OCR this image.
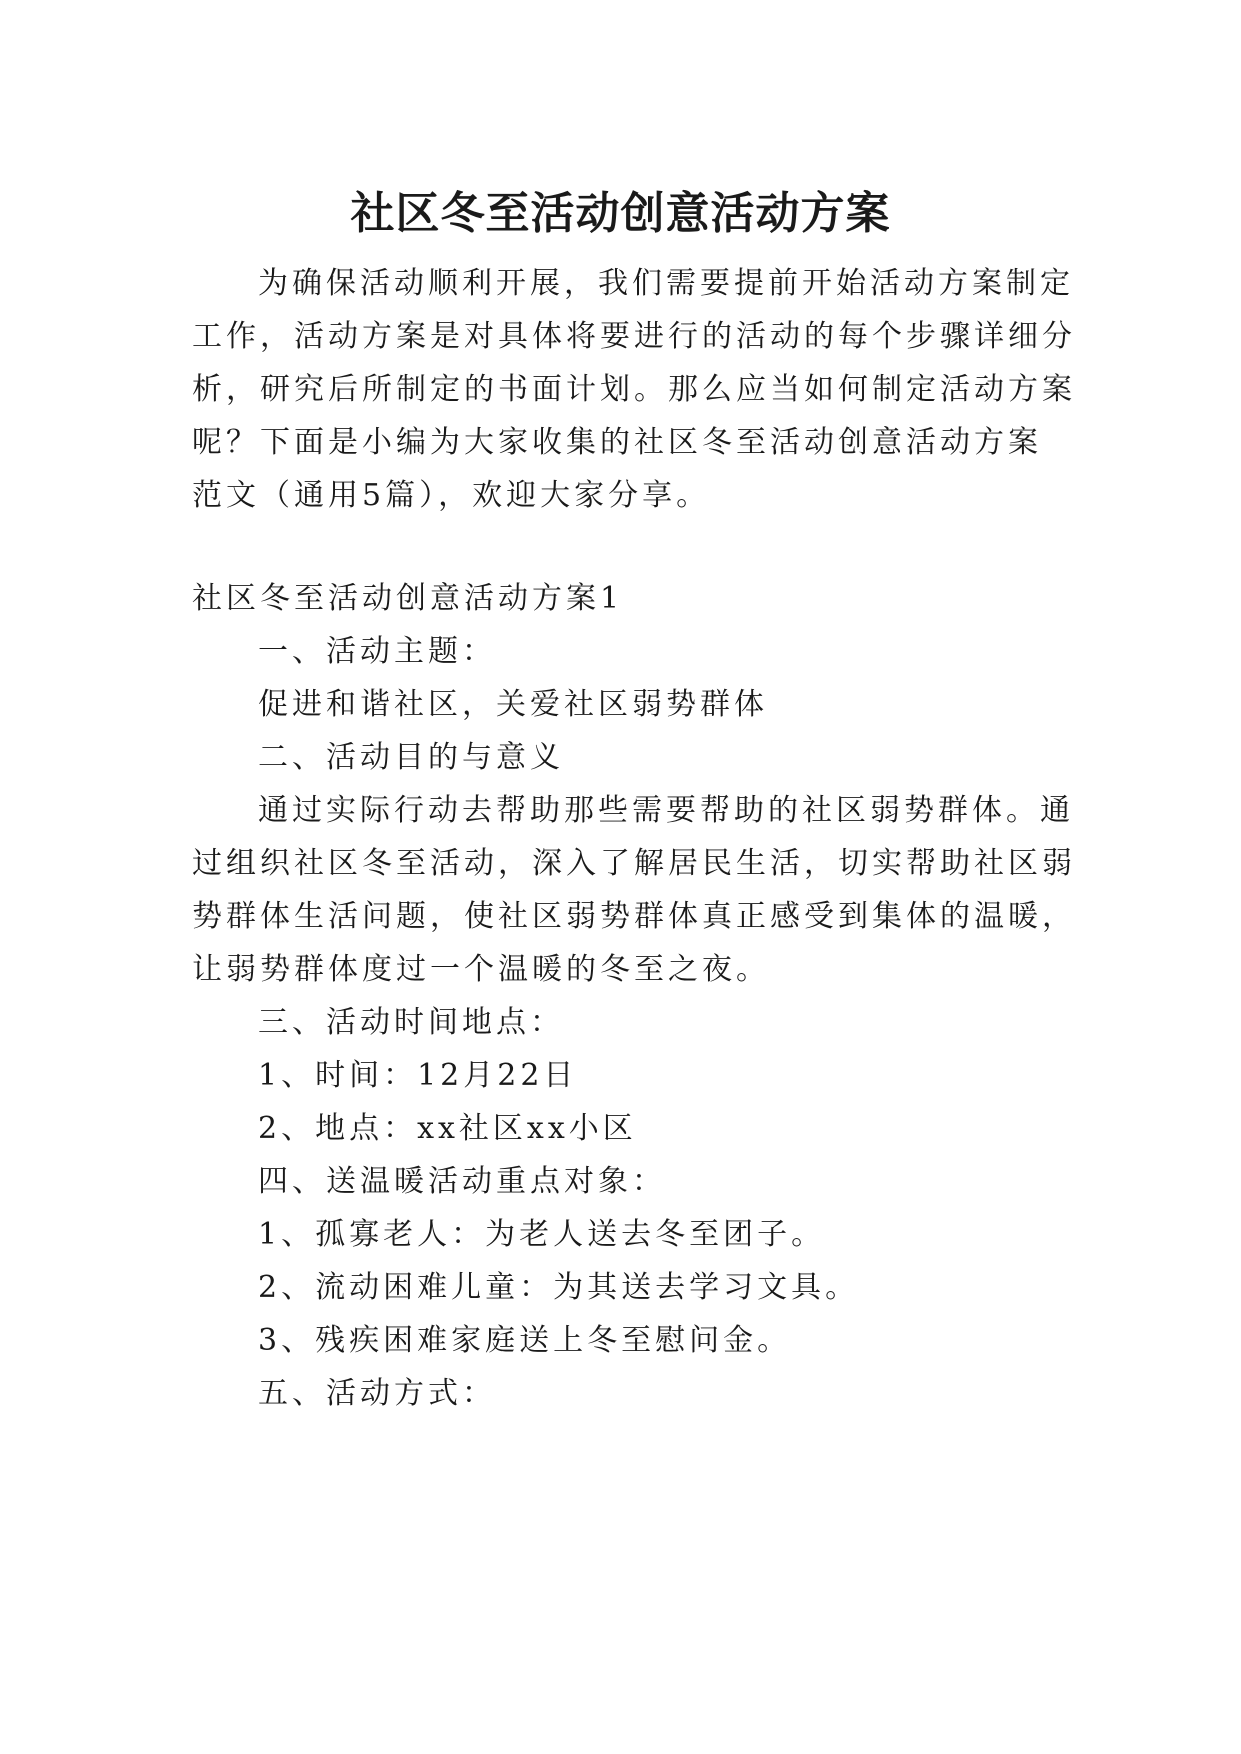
社区冬至活动创意活动方案
为确保活动顺利开展，我们需要提前开始活动方案制定
工作，活动方案是对具体将要进行的活动的每个步骤详细分
析，研究后所制定的书面计划。那么应当如何制定活动方案
呢？下面是小编为大家收集的社区冬至活动创意活动方案
范文（通用5篇），欢迎大家分享。
社区冬至活动创意活动方案1
一、活动主题：
促进和谐社区，关爱社区弱势群体
二、活动目的与意义
通过实际行动去帮助那些需要帮助的社区弱势群体。通
过组织社区冬至活动，深入了解居民生活，切实帮助社区弱
势群体生活问题，使社区弱势群体真正感受到集体的温暖，
让弱势群体度过一个温暖的冬至之夜。
三、活动时间地点：
1、时间：12月22日
2、地点：xx社区xx小区
四、送温暖活动重点对象：
1、孤寡老人：为老人送去冬至团子。
2、流动困难儿童：为其送去学习文具。
3、残疾困难家庭送上冬至慰问金。
五、活动方式：
